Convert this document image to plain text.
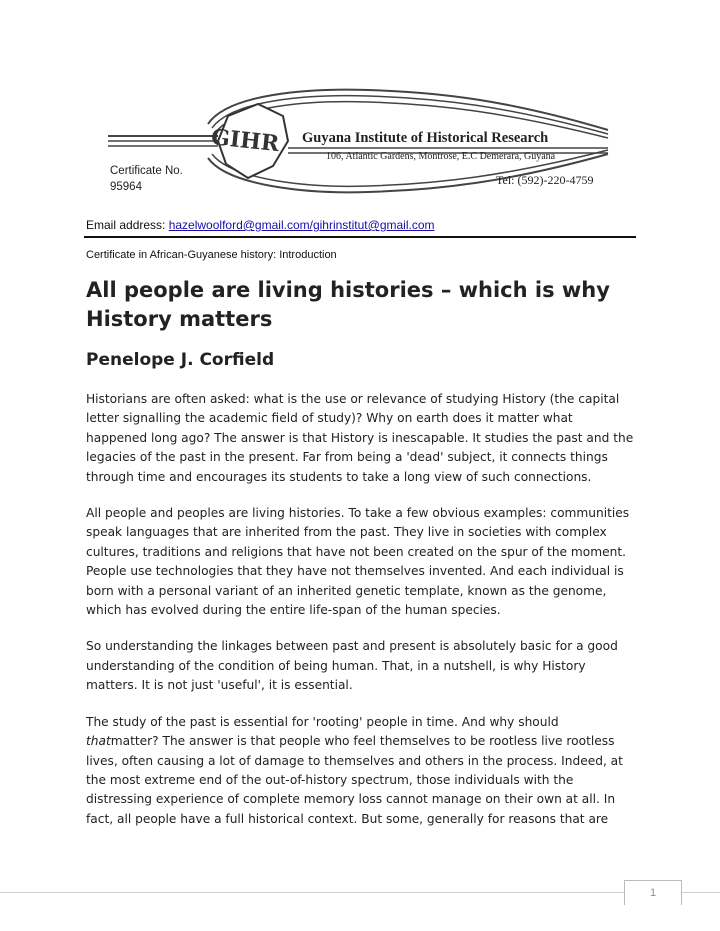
GIHR Guyana Institute of Historical Research
106, Atlantic Gardens, Montrose, E.C Demerara, Guyana
Certificate No.
95964	Tel: (592)-220-4759
Email address: hazelwoolford@gmail.com/gihrinstitut@gmail.com
Certificate in African-Guyanese history: Introduction
All people are living histories – which is why History matters
Penelope J. Corfield

Historians are often asked: what is the use or relevance of studying History (the capital letter signalling the academic field of study)? Why on earth does it matter what happened long ago? The answer is that History is inescapable. It studies the past and the legacies of the past in the present. Far from being a 'dead' subject, it connects things through time and encourages its students to take a long view of such connections.

All people and peoples are living histories. To take a few obvious examples: communities speak languages that are inherited from the past. They live in societies with complex cultures, traditions and religions that have not been created on the spur of the moment. People use technologies that they have not themselves invented. And each individual is born with a personal variant of an inherited genetic template, known as the genome, which has evolved during the entire life-span of the human species.

So understanding the linkages between past and present is absolutely basic for a good understanding of the condition of being human. That, in a nutshell, is why History matters. It is not just 'useful', it is essential.

The study of the past is essential for 'rooting' people in time. And why should thatmatter? The answer is that people who feel themselves to be rootless live rootless lives, often causing a lot of damage to themselves and others in the process. Indeed, at the most extreme end of the out-of-history spectrum, those individuals with the distressing experience of complete memory loss cannot manage on their own at all. In fact, all people have a full historical context. But some, generally for reasons that are

1
